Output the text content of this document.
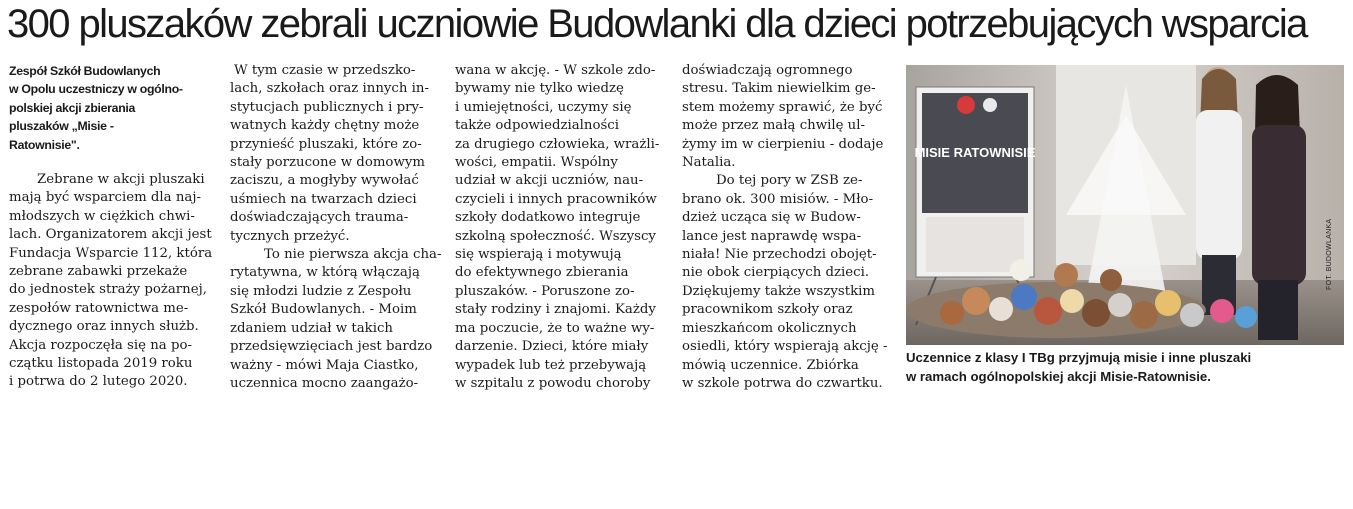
300 pluszaków zebrali uczniowie Budowlanki dla dzieci potrzebujących wsparcia

Zespół Szkół Budowlanych

w Opolu uczestniczy w ogólno-

polskiej akcji zbierania

pluszaków „Misie -

Ratownisie".

Zebrane w akcji pluszaki

mają być wsparciem dla naj-

młodszych w ciężkich chwi-

lach. Organizatorem akcji jest

Fundacja Wsparcie 112, która

zebrane zabawki przekaże

do jednostek straży pożarnej,

zespołów ratownictwa me-

dycznego oraz innych służb.

Akcja rozpoczęła się na po-

czątku listopada 2019 roku

i potrwa do 2 lutego 2020.

W tym czasie w przedszko-

lach, szkołach oraz innych in-

stytucjach publicznych i pry-

watnych każdy chętny może

przynieść pluszaki, które zo-

stały porzucone w domowym

zaciszu, a mogłyby wywołać

uśmiech na twarzach dzieci

doświadczających trauma-

tycznych przeżyć.

To nie pierwsza akcja cha-

rytatywna, w którą włączają

się młodzi ludzie z Zespołu

Szkół Budowlanych. - Moim

zdaniem udział w takich

przedsięwzięciach jest bardzo

ważny - mówi Maja Ciastko,

uczennica mocno zaangażo-

wana w akcję. - W szkole zdo-

bywamy nie tylko wiedzę

i umiejętności, uczymy się

także odpowiedzialności

za drugiego człowieka, wrażli-

wości, empatii. Wspólny

udział w akcji uczniów, nau-

czycieli i innych pracowników

szkoły dodatkowo integruje

szkolną społeczność. Wszyscy

się wspierają i motywują

do efektywnego zbierania

pluszaków. - Poruszone zo-

stały rodziny i znajomi. Każdy

ma poczucie, że to ważne wy-

darzenie. Dzieci, które miały

wypadek lub też przebywają

w szpitalu z powodu choroby

doświadczają ogromnego

stresu. Takim niewielkim ge-

stem możemy sprawić, że być

może przez małą chwilę ul-

żymy im w cierpieniu - dodaje

Natalia.

Do tej pory w ZSB ze-

brano ok. 300 misiów. - Mło-

dzież ucząca się w Budow-

lance jest naprawdę wspa-

niała! Nie przechodzi obojęt-

nie obok cierpiących dzieci.

Dziękujemy także wszystkim

pracownikom szkoły oraz

mieszkańcom okolicznych

osiedli, który wspierają akcję -

mówią uczennice. Zbiórka

w szkole potrwa do czwartku.

MISIE RATOWNISIE
FOT. BUDOWLANKA
Uczennice z klasy I TBg przyjmują misie i inne pluszaki
w ramach ogólnopolskiej akcji Misie-Ratownisie.
